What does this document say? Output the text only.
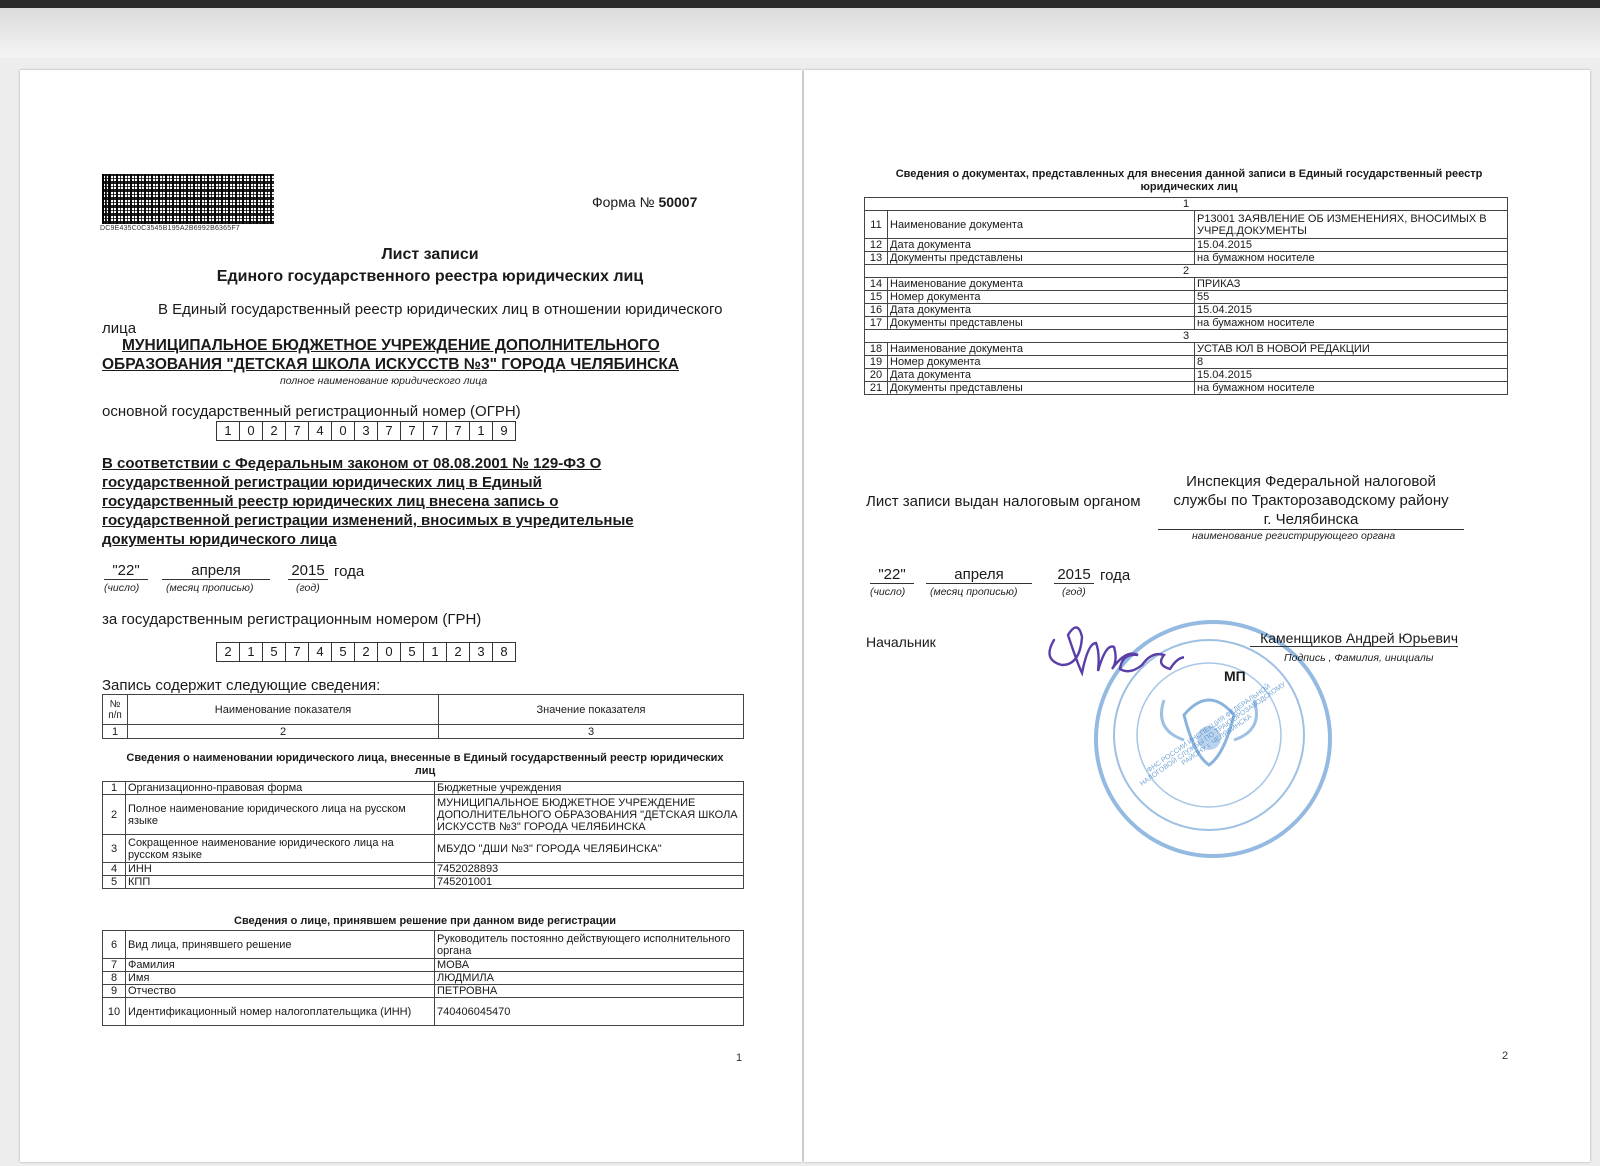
DC9E435C0C3545B195A2B6992B6365F7
Форма № 50007
Лист записи
Единого государственного реестра юридических лиц
В Единый государственный реестр юридических лиц в отношении юридического
лица
МУНИЦИПАЛЬНОЕ БЮДЖЕТНОЕ УЧРЕЖДЕНИЕ ДОПОЛНИТЕЛЬНОГО
ОБРАЗОВАНИЯ "ДЕТСКАЯ ШКОЛА ИСКУССТВ №3" ГОРОДА ЧЕЛЯБИНСКА
полное наименование юридического лица
основной государственный регистрационный номер (ОГРН)
1	0	2	7	4	0	3	7	7	7	7	1	9
В соответствии с Федеральным законом от 08.08.2001 № 129-ФЗ О
государственной регистрации юридических лиц в Единый
государственный реестр юридических лиц внесена запись о
государственной регистрации изменений, вносимых в учредительные
документы юридического лица
"22"	апреля	2015 года
(число)	(месяц прописью)	(год)
за государственным регистрационным номером (ГРН)
2	1	5	7	4	5	2	0	5	1	2	3	8
Запись содержит следующие сведения:
№ п/п	Наименование показателя	Значение показателя
1	2	3
Сведения о наименовании юридического лица, внесенные в Единый государственный реестр юридических лиц
1	Организационно-правовая форма	Бюджетные учреждения
2	Полное наименование юридического лица на русском языке	МУНИЦИПАЛЬНОЕ БЮДЖЕТНОЕ УЧРЕЖДЕНИЕ ДОПОЛНИТЕЛЬНОГО ОБРАЗОВАНИЯ "ДЕТСКАЯ ШКОЛА ИСКУССТВ №3" ГОРОДА ЧЕЛЯБИНСКА
3	Сокращенное наименование юридического лица на русском языке	МБУДО "ДШИ №3" ГОРОДА ЧЕЛЯБИНСКА"
4	ИНН	7452028893
5	КПП	745201001
Сведения о лице, принявшем решение при данном виде регистрации
6	Вид лица, принявшего решение	Руководитель постоянно действующего исполнительного органа
7	Фамилия	МОВА
8	Имя	ЛЮДМИЛА
9	Отчество	ПЕТРОВНА
10	Идентификационный номер налогоплательщика (ИНН)	740406045470
1
Сведения о документах, представленных для внесения данной записи в Единый государственный реестр юридических лиц
1		
11	Наименование документа	Р13001 ЗАЯВЛЕНИЕ ОБ ИЗМЕНЕНИЯХ, ВНОСИМЫХ В УЧРЕД.ДОКУМЕНТЫ
12	Дата документа	15.04.2015
13	Документы представлены	на бумажном носителе
2		
14	Наименование документа	ПРИКАЗ
15	Номер документа	55
16	Дата документа	15.04.2015
17	Документы представлены	на бумажном носителе
3		
18	Наименование документа	УСТАВ ЮЛ В НОВОЙ РЕДАКЦИИ
19	Номер документа	8
20	Дата документа	15.04.2015
21	Документы представлены	на бумажном носителе
Лист записи выдан налоговым органом
Инспекция Федеральной налоговой
службы по Тракторозаводскому району
г. Челябинска
наименование регистрирующего органа
"22"	апреля	2015 года
(число) (месяц прописью)	(год)
Начальник
ФНС РОССИИ ИНСПЕКЦИЯ ФЕДЕРАЛЬНОЙ НАЛОГОВОЙ СЛУЖБЫ ПО ТРАКТОРОЗАВОДСКОМУ РАЙОНУ г. ЧЕЛЯБИНСКА
Каменщиков Андрей Юрьевич
Подпись , Фамилия, инициалы
МП
2
